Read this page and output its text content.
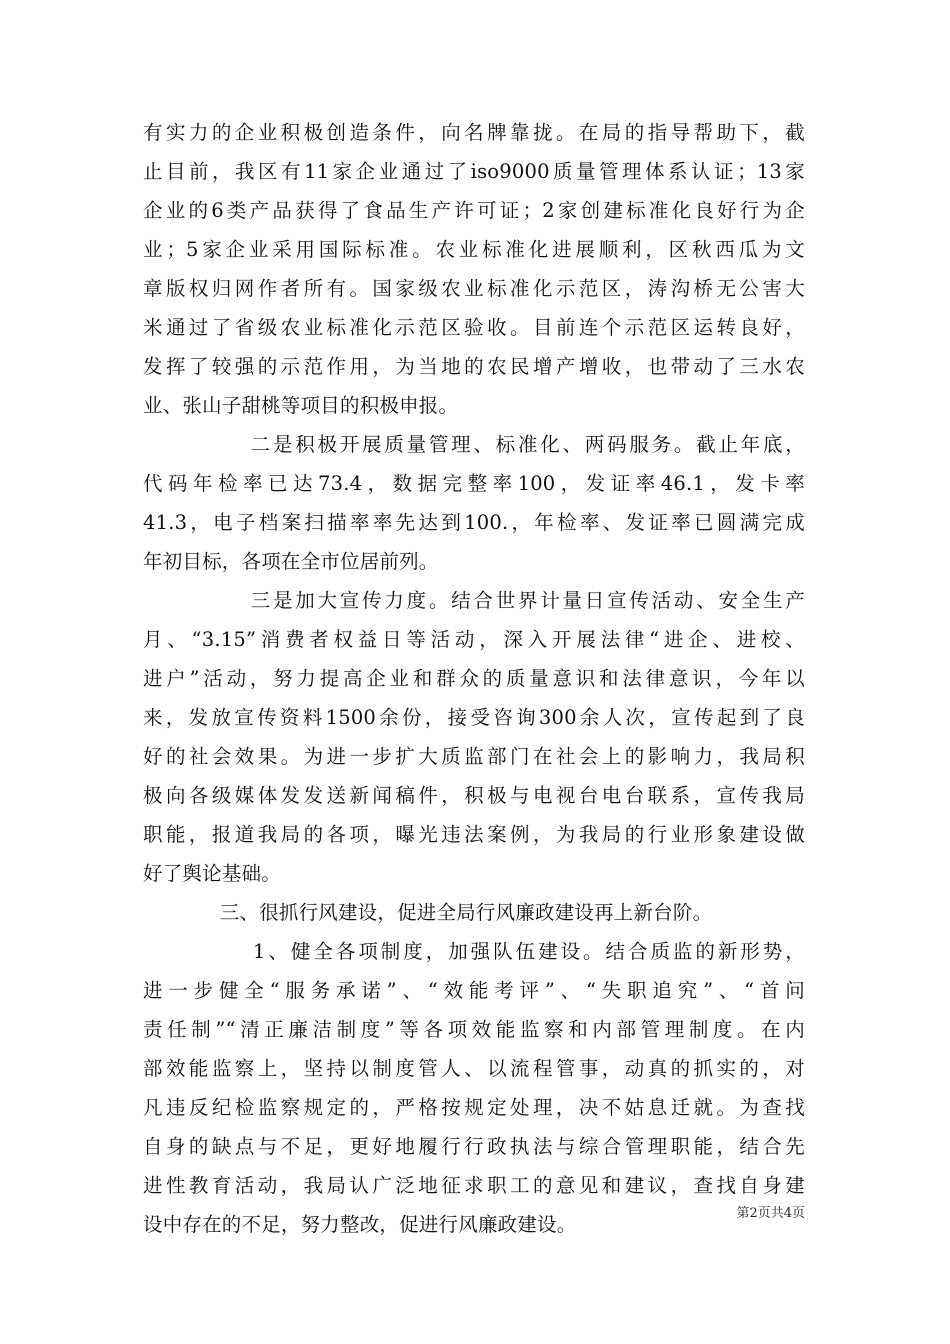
有实力的企业积极创造条件，向名牌靠拢。在局的指导帮助下，截
止目前，我区有11家企业通过了iso9000质量管理体系认证；13家
企业的6类产品获得了食品生产许可证；2家创建标准化良好行为企
业；5家企业采用国际标准。农业标准化进展顺利，区秋西瓜为文
章版权归网作者所有。国家级农业标准化示范区，涛沟桥无公害大
米通过了省级农业标准化示范区验收。目前连个示范区运转良好，
发挥了较强的示范作用，为当地的农民增产增收，也带动了三水农
业、张山子甜桃等项目的积极申报。
二是积极开展质量管理、标准化、两码服务。截止年底，
代码年检率已达73.4，数据完整率100，发证率46.1，发卡率
41.3，电子档案扫描率率先达到100.，年检率、发证率已圆满完成
年初目标，各项在全市位居前列。
三是加大宣传力度。结合世界计量日宣传活动、安全生产
月、“3.15”消费者权益日等活动，深入开展法律“进企、进校、
进户”活动，努力提高企业和群众的质量意识和法律意识，今年以
来，发放宣传资料1500余份，接受咨询300余人次，宣传起到了良
好的社会效果。为进一步扩大质监部门在社会上的影响力，我局积
极向各级媒体发发送新闻稿件，积极与电视台电台联系，宣传我局
职能，报道我局的各项，曝光违法案例，为我局的行业形象建设做
好了舆论基础。
三、很抓行风建设，促进全局行风廉政建设再上新台阶。
1、健全各项制度，加强队伍建设。结合质监的新形势，
进一步健全“服务承诺”、“效能考评”、“失职追究”、“首问
责任制”“清正廉洁制度”等各项效能监察和内部管理制度。在内
部效能监察上，坚持以制度管人、以流程管事，动真的抓实的，对
凡违反纪检监察规定的，严格按规定处理，决不姑息迁就。为查找
自身的缺点与不足，更好地履行行政执法与综合管理职能，结合先
进性教育活动，我局认广泛地征求职工的意见和建议，查找自身建
设中存在的不足，努力整改，促进行风廉政建设。	第2页共4页
